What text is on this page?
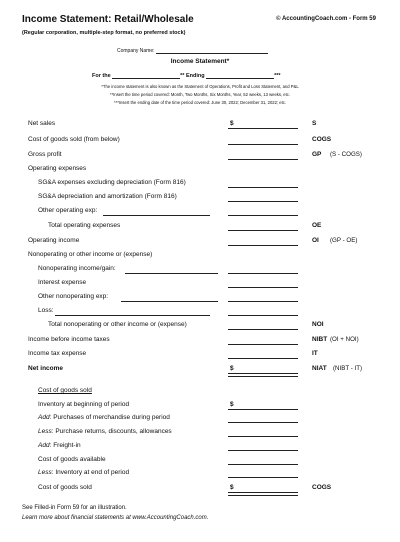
Income Statement: Retail/Wholesale	© AccountingCoach.com - Form 59
(Regular corporation, multiple-step format, no preferred stock)
Company Name:
Income Statement*
For the	** Ending	***
*The income statement is also known as the Statement of Operations, Profit and Loss Statement, and P&L
**Insert the time period covered: Month, Two Months, Six Months, Year, 52 weeks, 13 weeks, etc.
***Insert the ending date of the time period covered: June 30, 2022; December 31, 2022; etc.
Net sales	$	S
Cost of goods sold (from below)	COGS
Gross profit	GP (S - COGS)
Operating expenses
SG&A expenses excluding depreciation (Form 816)
SG&A depreciation and amortization (Form 816)
Other operating exp:
Total operating expenses	OE
Operating income	OI (GP - OE)
Nonoperating or other income or (expense)
Nonoperating income/gain:
Interest expense
Other nonoperating exp:
Loss:
Total nonoperating or other income or (expense)	NOI
Income before income taxes	NIBT (OI + NOI)
Income tax expense	IT
Net income	$	NIAT (NIBT - IT)
Cost of goods sold
Inventory at beginning of period	$
Add: Purchases of merchandise during period
Less: Purchase returns, discounts, allowances
Add: Freight-in
Cost of goods available
Less: Inventory at end of period
Cost of goods sold	$	COGS
See Filled-in Form 59 for an illustration.
Learn more about financial statements at www.AccountingCoach.com.
